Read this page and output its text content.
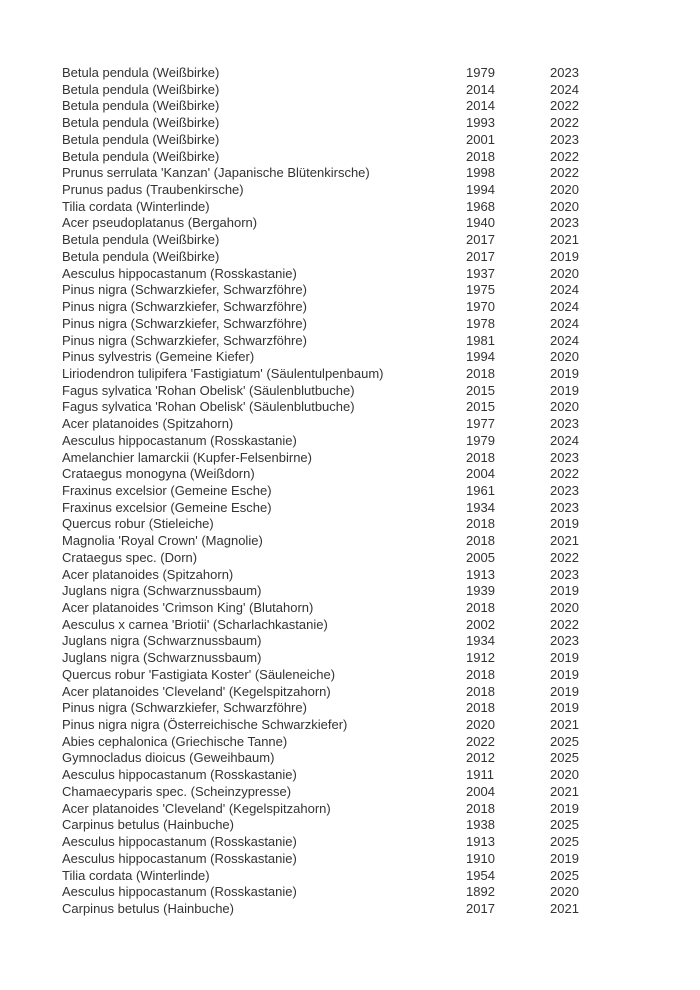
Betula pendula (Weißbirke)	1979	2023
Betula pendula (Weißbirke)	2014	2024
Betula pendula (Weißbirke)	2014	2022
Betula pendula (Weißbirke)	1993	2022
Betula pendula (Weißbirke)	2001	2023
Betula pendula (Weißbirke)	2018	2022
Prunus serrulata 'Kanzan' (Japanische Blütenkirsche)	1998	2022
Prunus padus (Traubenkirsche)	1994	2020
Tilia cordata (Winterlinde)	1968	2020
Acer pseudoplatanus (Bergahorn)	1940	2023
Betula pendula (Weißbirke)	2017	2021
Betula pendula (Weißbirke)	2017	2019
Aesculus hippocastanum (Rosskastanie)	1937	2020
Pinus nigra (Schwarzkiefer, Schwarzföhre)	1975	2024
Pinus nigra (Schwarzkiefer, Schwarzföhre)	1970	2024
Pinus nigra (Schwarzkiefer, Schwarzföhre)	1978	2024
Pinus nigra (Schwarzkiefer, Schwarzföhre)	1981	2024
Pinus sylvestris (Gemeine Kiefer)	1994	2020
Liriodendron tulipifera 'Fastigiatum' (Säulentulpenbaum)	2018	2019
Fagus sylvatica 'Rohan Obelisk' (Säulenblutbuche)	2015	2019
Fagus sylvatica 'Rohan Obelisk' (Säulenblutbuche)	2015	2020
Acer platanoides (Spitzahorn)	1977	2023
Aesculus hippocastanum (Rosskastanie)	1979	2024
Amelanchier lamarckii (Kupfer-Felsenbirne)	2018	2023
Crataegus monogyna (Weißdorn)	2004	2022
Fraxinus excelsior (Gemeine Esche)	1961	2023
Fraxinus excelsior (Gemeine Esche)	1934	2023
Quercus robur (Stieleiche)	2018	2019
Magnolia 'Royal Crown' (Magnolie)	2018	2021
Crataegus spec. (Dorn)	2005	2022
Acer platanoides (Spitzahorn)	1913	2023
Juglans nigra (Schwarznussbaum)	1939	2019
Acer platanoides 'Crimson King' (Blutahorn)	2018	2020
Aesculus x carnea 'Briotii' (Scharlachkastanie)	2002	2022
Juglans nigra (Schwarznussbaum)	1934	2023
Juglans nigra (Schwarznussbaum)	1912	2019
Quercus robur 'Fastigiata Koster' (Säuleneiche)	2018	2019
Acer platanoides 'Cleveland' (Kegelspitzahorn)	2018	2019
Pinus nigra (Schwarzkiefer, Schwarzföhre)	2018	2019
Pinus nigra nigra (Österreichische Schwarzkiefer)	2020	2021
Abies cephalonica (Griechische Tanne)	2022	2025
Gymnocladus dioicus (Geweihbaum)	2012	2025
Aesculus hippocastanum (Rosskastanie)	1911	2020
Chamaecyparis spec. (Scheinzypresse)	2004	2021
Acer platanoides 'Cleveland' (Kegelspitzahorn)	2018	2019
Carpinus betulus (Hainbuche)	1938	2025
Aesculus hippocastanum (Rosskastanie)	1913	2025
Aesculus hippocastanum (Rosskastanie)	1910	2019
Tilia cordata (Winterlinde)	1954	2025
Aesculus hippocastanum (Rosskastanie)	1892	2020
Carpinus betulus (Hainbuche)	2017	2021
